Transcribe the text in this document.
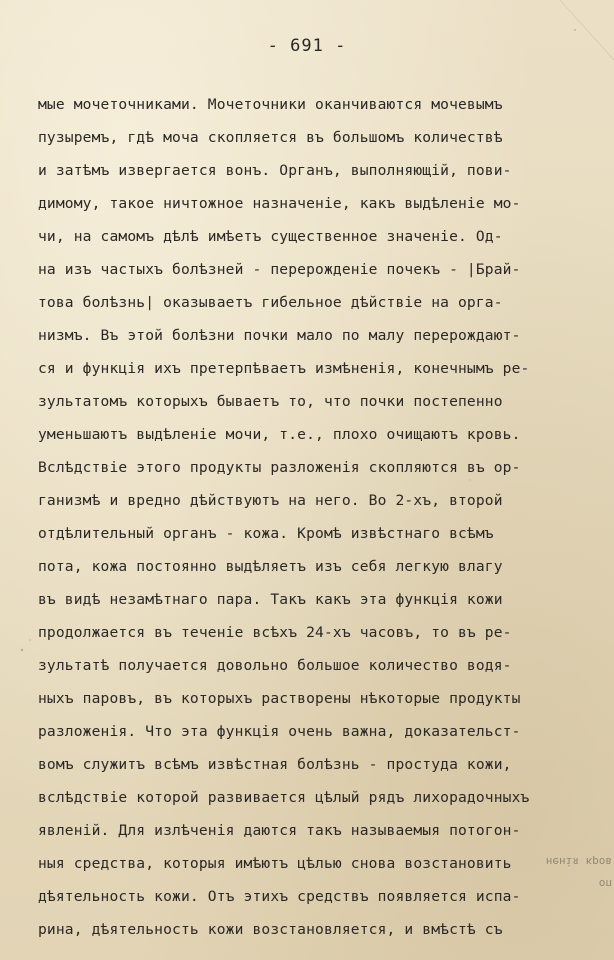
- 691 -
мые мочеточниками. Мочеточники оканчиваются мочевымъ
пузыремъ, гдѣ моча скопляется въ большомъ количествѣ
и затѣмъ извергается вонъ. Органъ, выполняющій, пови-
димому, такое ничтожное назначеніе, какъ выдѣленіе мо-
чи, на самомъ дѣлѣ имѣетъ существенное значеніе. Од-
на изъ частыхъ болѣзней - перерожденіе почекъ - |Брай-
това болѣзнь| оказываетъ гибельное дѣйствіе на орга-
низмъ. Въ этой болѣзни почки мало по малу перерождают-
ся и функція ихъ претерпѣваетъ измѣненія, конечнымъ ре-
зультатомъ которыхъ бываетъ то, что почки постепенно
уменьшаютъ выдѣленіе мочи, т.е., плохо очищаютъ кровь.
Вслѣдствіе этого продукты разложенія скопляются въ ор-
ганизмѣ и вредно дѣйствуютъ на него. Во 2-хъ, второй
отдѣлительный органъ - кожа. Кромѣ извѣстнаго всѣмъ
пота, кожа постоянно выдѣляетъ изъ себя легкую влагу
въ видѣ незамѣтнаго пара. Такъ какъ эта функція кожи
продолжается въ теченіе всѣхъ 24-хъ часовъ, то въ ре-
зультатѣ получается довольно большое количество водя-
ныхъ паровъ, въ которыхъ растворены нѣкоторые продукты
разложенія. Что эта функція очень важна, доказательст-
вомъ служитъ всѣмъ извѣстная болѣзнь - простуда кожи,
вслѣдствіе которой развивается цѣлый рядъ лихорадочныхъ
явленій. Для излѣченія даются такъ называемыя потогон-
ныя средства, которыя имѣютъ цѣлью снова возстановить
дѣятельность кожи. Отъ этихъ средствъ появляется испа-
рина, дѣятельность кожи возстановляется, и вмѣстѣ съ
оп
ненія кров
